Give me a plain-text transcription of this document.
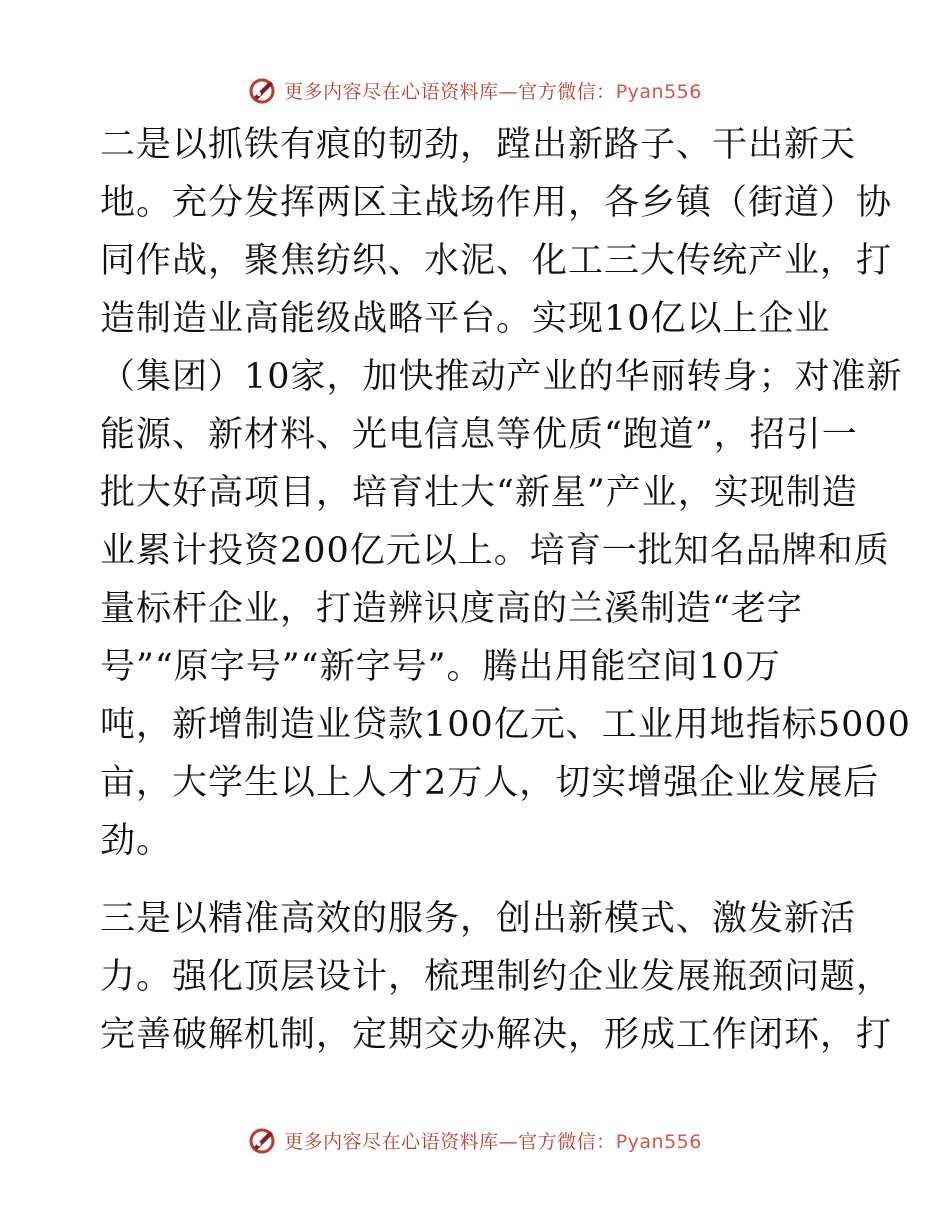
更多内容尽在心语资料库—官方微信：Pyan556
二是以抓铁有痕的韧劲，蹚出新路子、干出新天
地。充分发挥两区主战场作用，各乡镇（街道）协
同作战，聚焦纺织、水泥、化工三大传统产业，打
造制造业高能级战略平台。实现10亿以上企业
（集团）10家，加快推动产业的华丽转身；对准新
能源、新材料、光电信息等优质“跑道”，招引一
批大好高项目，培育壮大“新星”产业，实现制造
业累计投资200亿元以上。培育一批知名品牌和质
量标杆企业，打造辨识度高的兰溪制造“老字
号”“原字号”“新字号”。腾出用能空间10万
吨，新增制造业贷款100亿元、工业用地指标5000
亩，大学生以上人才2万人，切实增强企业发展后
劲。
三是以精准高效的服务，创出新模式、激发新活
力。强化顶层设计，梳理制约企业发展瓶颈问题，
完善破解机制，定期交办解决，形成工作闭环，打
更多内容尽在心语资料库—官方微信：Pyan556
